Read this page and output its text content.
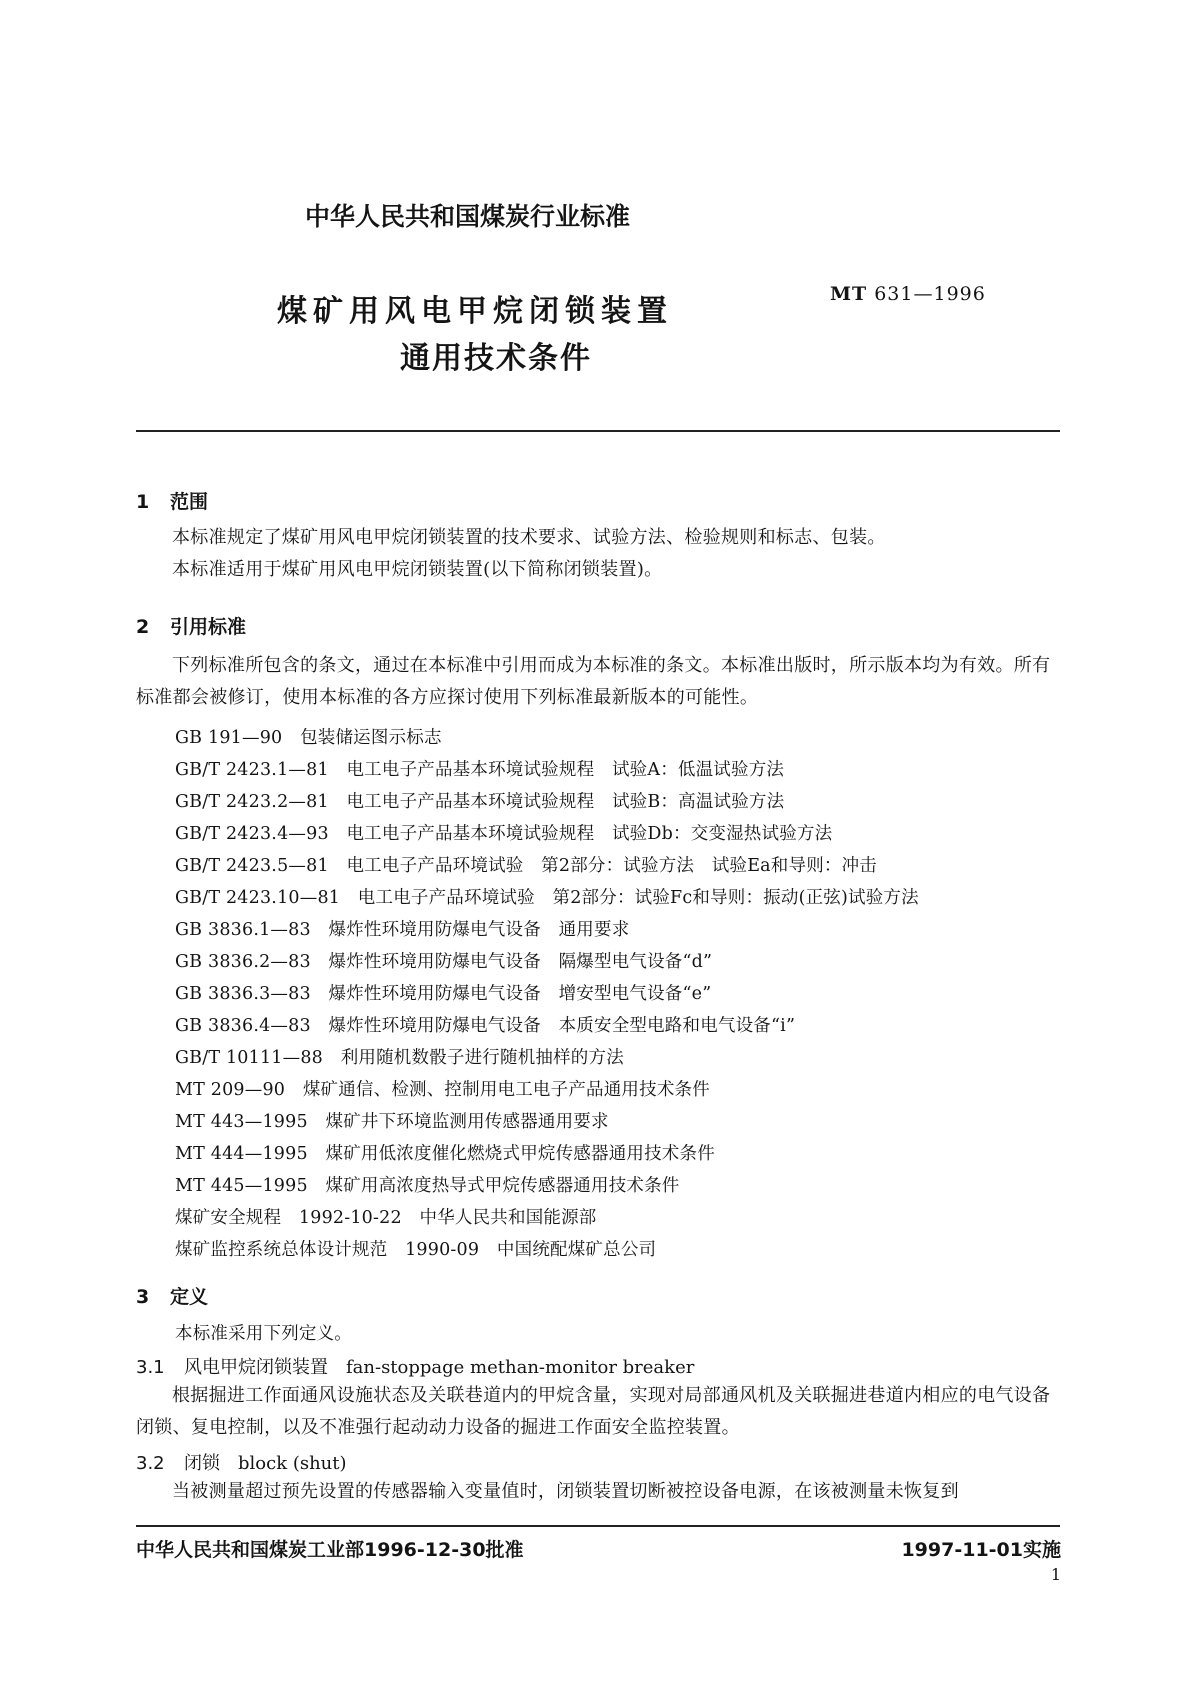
中华人民共和国煤炭行业标准
煤矿用风电甲烷闭锁装置
通用技术条件
MT 631—1996
1 范围

本标准规定了煤矿用风电甲烷闭锁装置的技术要求、试验方法、检验规则和标志、包装。

本标准适用于煤矿用风电甲烷闭锁装置(以下简称闭锁装置)。

2 引用标准

下列标准所包含的条文，通过在本标准中引用而成为本标准的条文。本标准出版时，所示版本均为有效。所有标准都会被修订，使用本标准的各方应探讨使用下列标准最新版本的可能性。

GB 191—90　包装储运图示标志
GB/T 2423.1—81　电工电子产品基本环境试验规程　试验A：低温试验方法
GB/T 2423.2—81　电工电子产品基本环境试验规程　试验B：高温试验方法
GB/T 2423.4—93　电工电子产品基本环境试验规程　试验Db：交变湿热试验方法
GB/T 2423.5—81　电工电子产品环境试验　第2部分：试验方法　试验Ea和导则：冲击
GB/T 2423.10—81　电工电子产品环境试验　第2部分：试验Fc和导则：振动(正弦)试验方法
GB 3836.1—83　爆炸性环境用防爆电气设备　通用要求
GB 3836.2—83　爆炸性环境用防爆电气设备　隔爆型电气设备“d”
GB 3836.3—83　爆炸性环境用防爆电气设备　增安型电气设备“e”
GB 3836.4—83　爆炸性环境用防爆电气设备　本质安全型电路和电气设备“i”
GB/T 10111—88　利用随机数骰子进行随机抽样的方法
MT 209—90　煤矿通信、检测、控制用电工电子产品通用技术条件
MT 443—1995　煤矿井下环境监测用传感器通用要求
MT 444—1995　煤矿用低浓度催化燃烧式甲烷传感器通用技术条件
MT 445—1995　煤矿用高浓度热导式甲烷传感器通用技术条件
煤矿安全规程　1992-10-22　中华人民共和国能源部
煤矿监控系统总体设计规范　1990-09　中国统配煤矿总公司
3 定义
本标准采用下列定义。
3.1 风电甲烷闭锁装置　fan-stoppage methan-monitor breaker

根据掘进工作面通风设施状态及关联巷道内的甲烷含量，实现对局部通风机及关联掘进巷道内相应的电气设备闭锁、复电控制，以及不准强行起动动力设备的掘进工作面安全监控装置。

3.2 闭锁　block (shut)

当被测量超过预先设置的传感器输入变量值时，闭锁装置切断被控设备电源，在该被测量未恢复到

中华人民共和国煤炭工业部1996-12-30批准	1997-11-01实施
1
